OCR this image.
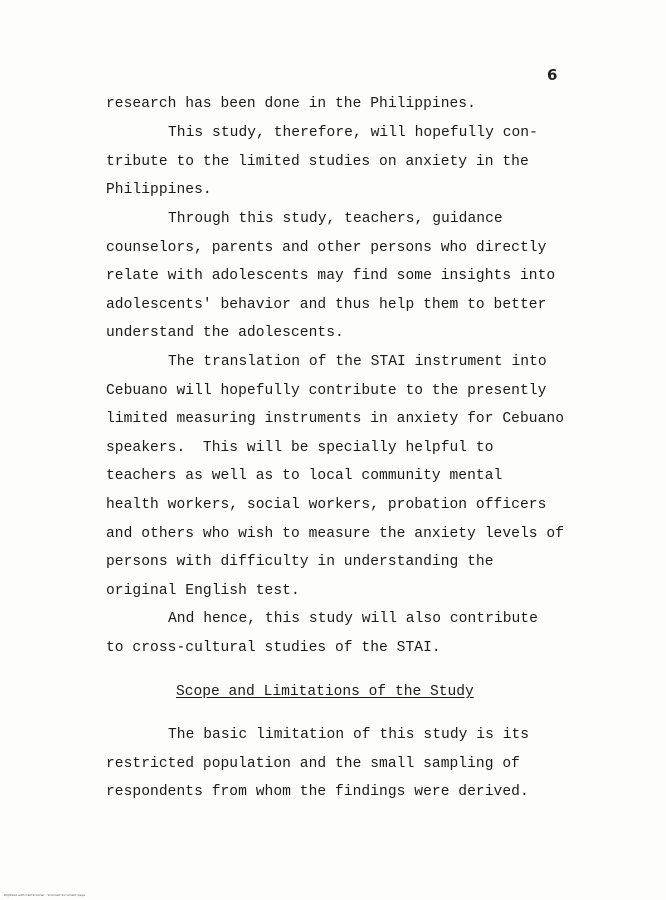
6
research has been done in the Philippines.
This study, therefore, will hopefully con-
tribute to the limited studies on anxiety in the
Philippines.
Through this study, teachers, guidance
counselors, parents and other persons who directly
relate with adolescents may find some insights into
adolescents' behavior and thus help them to better
understand the adolescents.
The translation of the STAI instrument into
Cebuano will hopefully contribute to the presently
limited measuring instruments in anxiety for Cebuano
speakers.  This will be specially helpful to
teachers as well as to local community mental
health workers, social workers, probation officers
and others who wish to measure the anxiety levels of
persons with difficulty in understanding the
original English test.
And hence, this study will also contribute
to cross-cultural studies of the STAI.
Scope and Limitations of the Study
The basic limitation of this study is its
restricted population and the small sampling of
respondents from whom the findings were derived.
Digitized with CamScanner · Scanned document page
